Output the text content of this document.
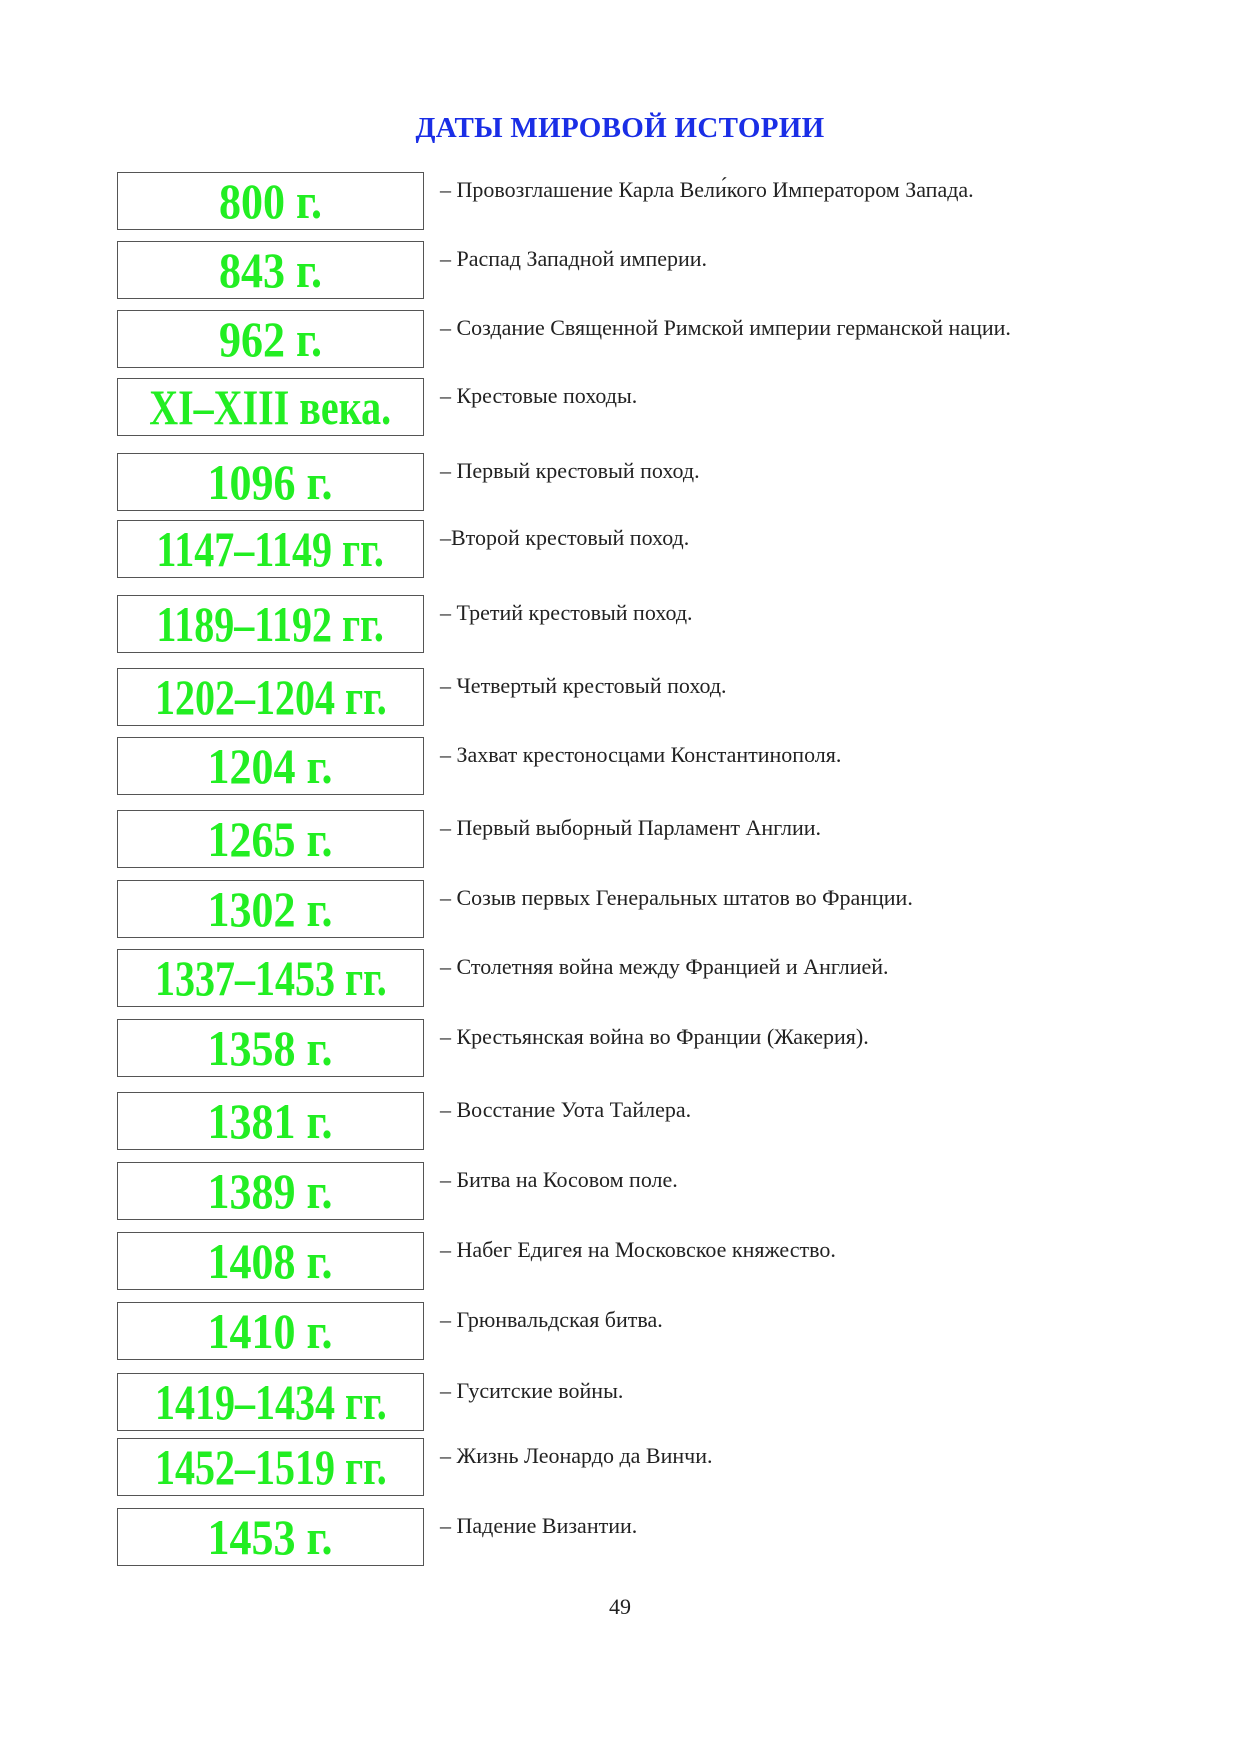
ДАТЫ МИРОВОЙ ИСТОРИИ
800 г.	– Провозглашение Карла Вели́кого Императором Запада.
843 г.	– Распад Западной империи.
962 г.	– Создание Священной Римской империи германской нации.
XI–XIII века. – Крестовые походы.
1096 г.	– Первый крестовый поход.
1147–1149 гг.	–Второй крестовый поход.
1189–1192 гг.	– Третий крестовый поход.
1202–1204 гг. – Четвертый крестовый поход.
1204 г.	– Захват крестоносцами Константинополя.
1265 г.	– Первый выборный Парламент Англии.
1302 г.	– Созыв первых Генеральных штатов во Франции.
1337–1453 гг. – Столетняя война между Францией и Англией.
1358 г.	– Крестьянская война во Франции (Жакерия).
1381 г.	– Восстание Уота Тайлера.
1389 г.	– Битва на Косовом поле.
1408 г.	– Набег Едигея на Московское княжество.
1410 г.	– Грюнвальдская битва.
1419–1434 гг. – Гуситские войны.
1452–1519 гг. – Жизнь Леонардо да Винчи.
1453 г.	– Падение Византии.
49
